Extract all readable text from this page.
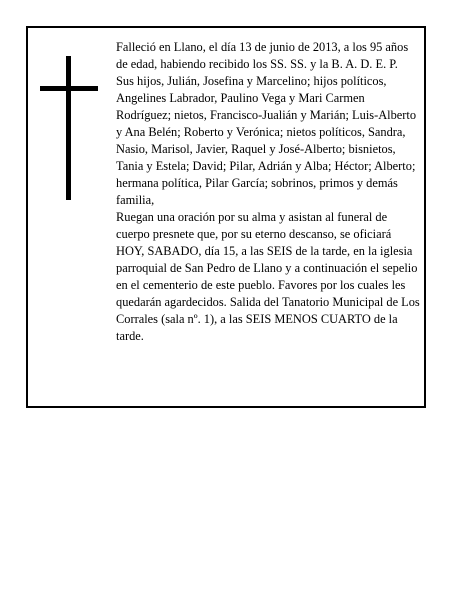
Falleció en Llano, el día 13 de junio de 2013, a los 95 años de edad, habiendo recibido los SS. SS. y la B. A. D. E. P.

Sus hijos, Julián, Josefina y Marcelino; hijos políticos, Angelines Labrador, Paulino Vega y Mari Carmen Rodríguez; nietos, Francisco-Jualián y Marián; Luis-Alberto y Ana Belén; Roberto y Verónica; nietos políticos, Sandra, Nasio, Marisol, Javier, Raquel y José-Alberto; bisnietos, Tania y Estela; David; Pilar, Adrián y Alba; Héctor; Alberto; hermana política, Pilar García; sobrinos, primos y demás familia,

Ruegan una oración por su alma y asistan al funeral de cuerpo presnete que, por su eterno descanso, se oficiará HOY, SABADO, día 15, a las SEIS de la tarde, en la iglesia parroquial de San Pedro de Llano y a continuación el sepelio en el cementerio de este pueblo. Favores por los cuales les quedarán agardecidos. Salida del Tanatorio Municipal de Los Corrales (sala nº. 1), a las SEIS MENOS CUARTO de la tarde.
